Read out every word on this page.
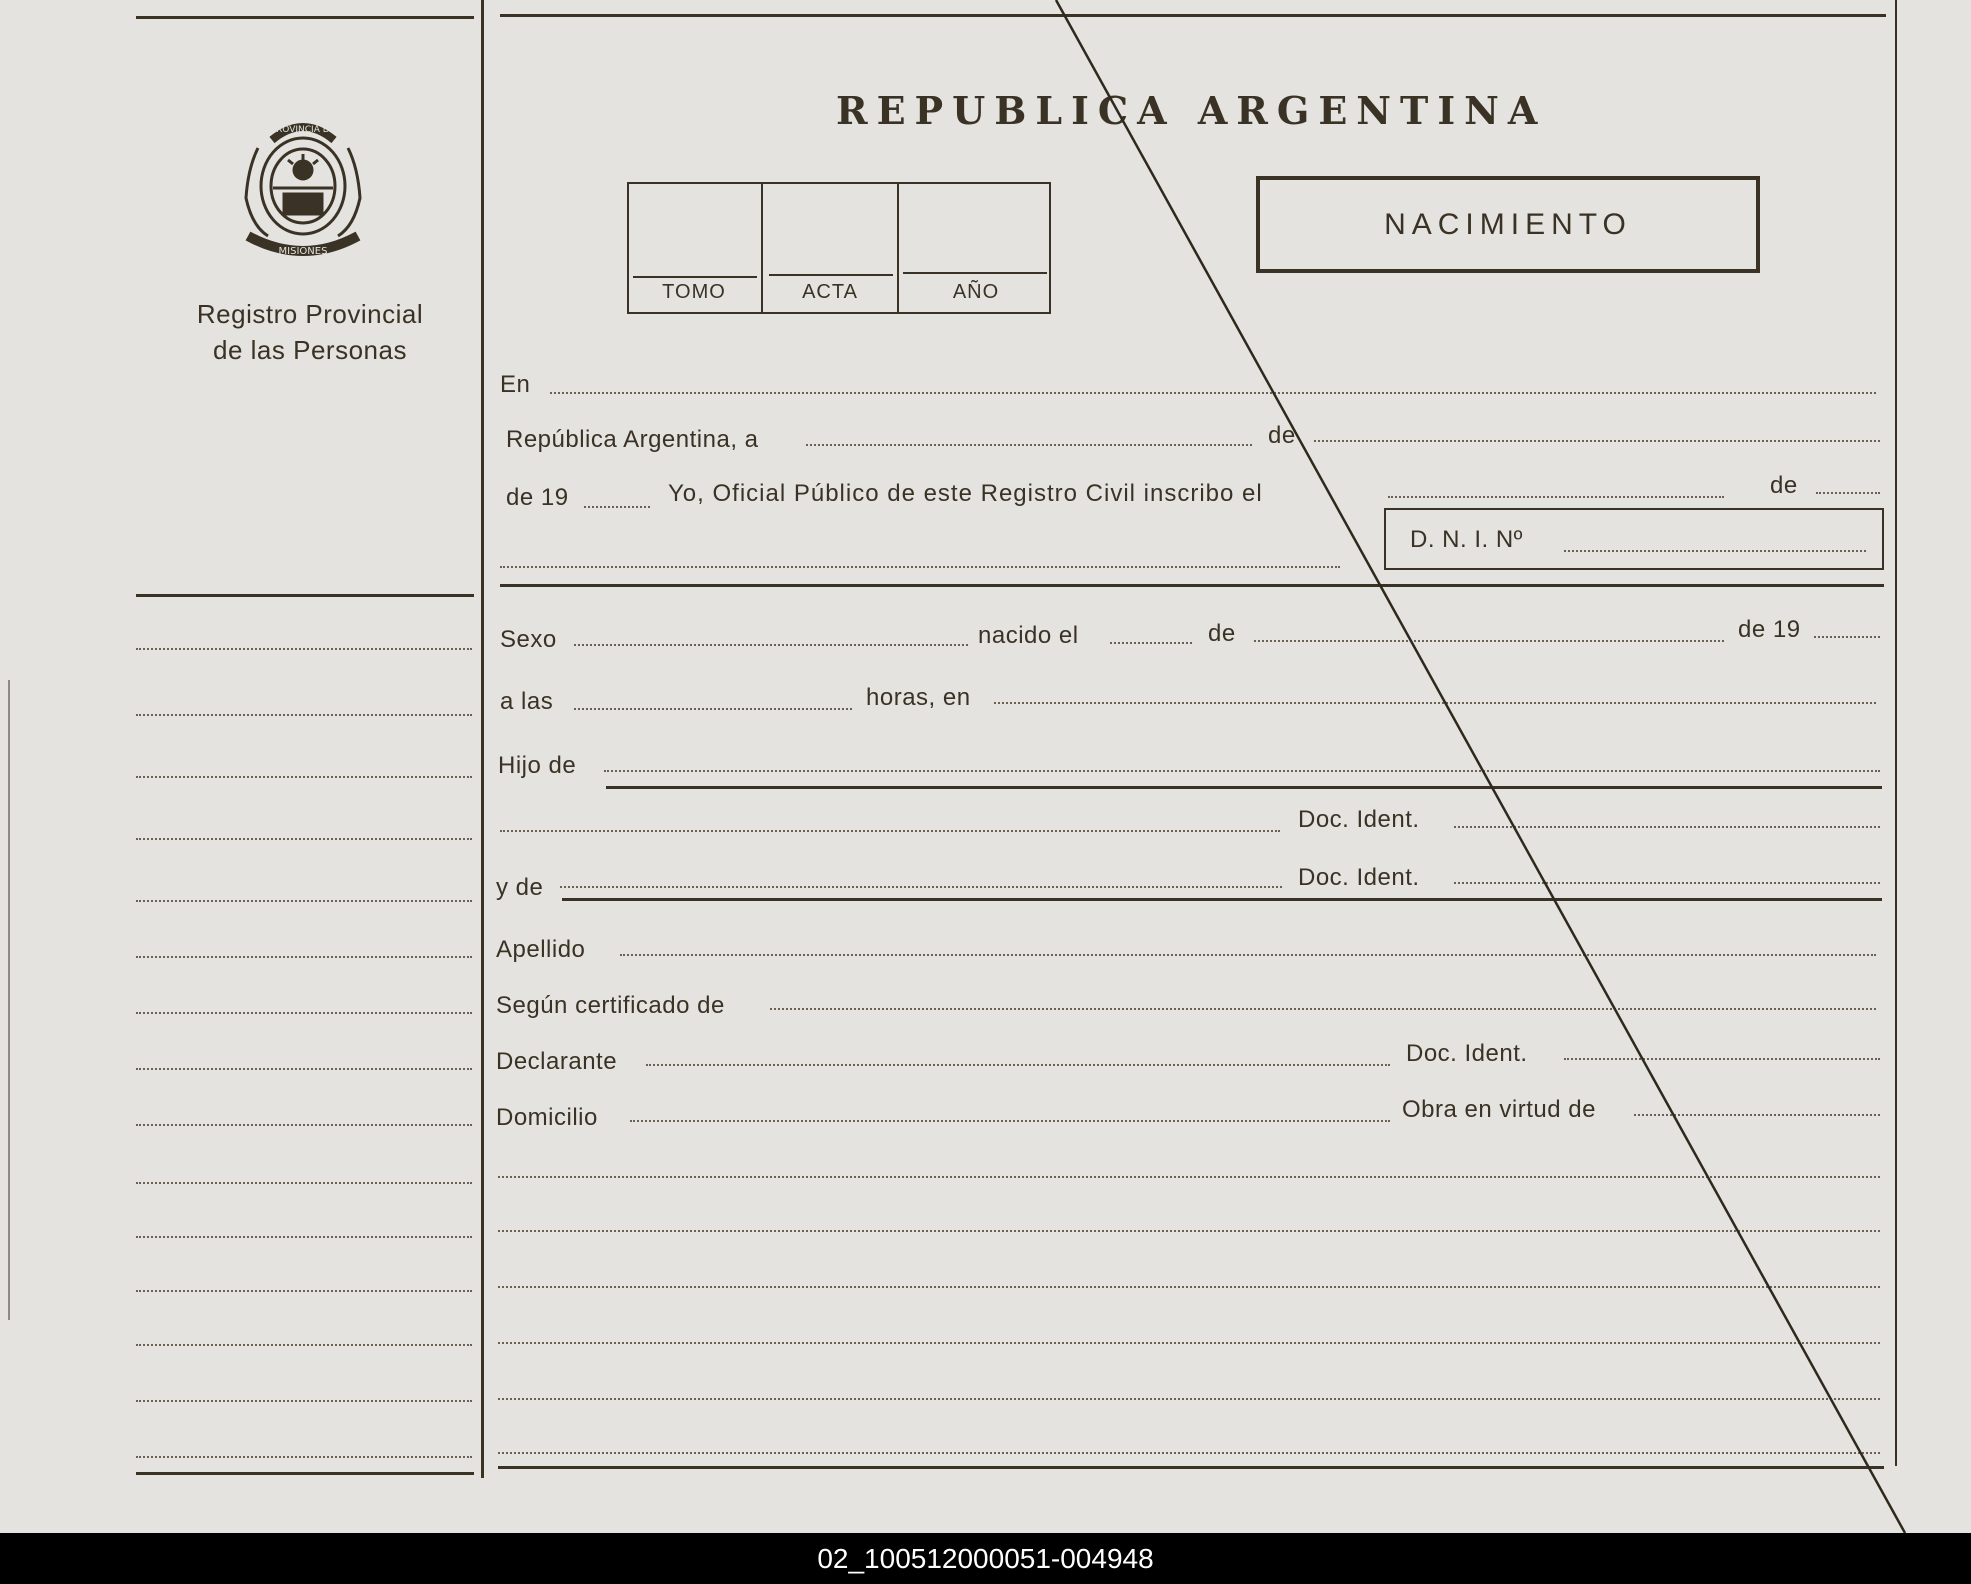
PROVINCIA DE
MISIONES
Registro Provincial
de las Personas
REPUBLICA ARGENTINA
TOMO	ACTA	AÑO
NACIMIENTO
En
República Argentina, a	de
de 19	Yo, Oficial Público de este Registro Civil inscribo el	de
D. N. I. Nº
Sexo	nacido el	de	de 19
a las	horas, en
Hijo de
Doc. Ident.
y de	Doc. Ident.
Apellido
Según certificado de
Declarante	Doc. Ident.
Domicilio	Obra en virtud de
02_100512000051-004948
